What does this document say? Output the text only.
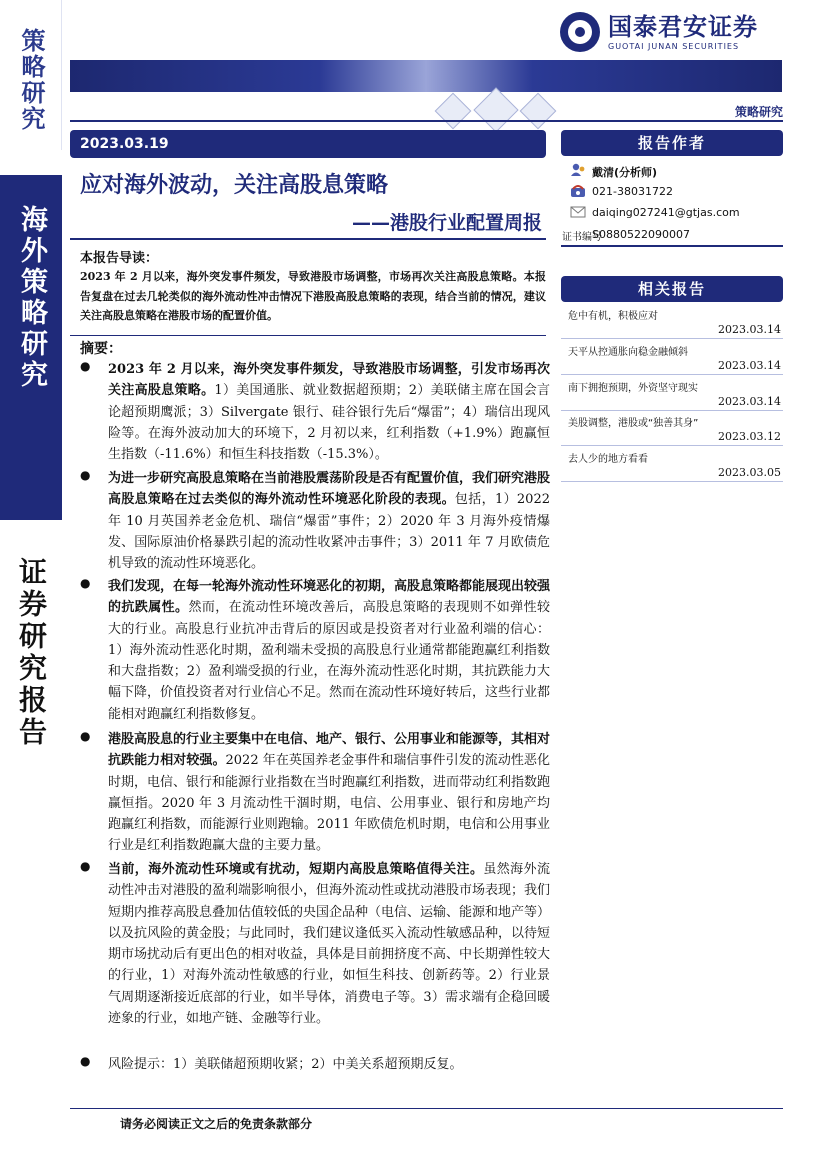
策略研究
海外策略研究
证券研究报告
国泰君安证券
GUOTAI JUNAN SECURITIES
策略研究
2023.03.19
应对海外波动，关注高股息策略
——港股行业配置周报
本报告导读：
2023 年 2 月以来，海外突发事件频发，导致港股市场调整，市场再次关注高股息策略。本报告复盘在过去几轮类似的海外流动性冲击情况下港股高股息策略的表现，结合当前的情况，建议关注高股息策略在港股市场的配置价值。
摘要：
● 2023 年 2 月以来，海外突发事件频发，导致港股市场调整，引发市场再次关注高股息策略。1）美国通胀、就业数据超预期；2）美联储主席在国会言论超预期鹰派；3）Silvergate 银行、硅谷银行先后“爆雷”；4）瑞信出现风险等。在海外波动加大的环境下，2 月初以来，红利指数（+1.9%）跑赢恒生指数（-11.6%）和恒生科技指数（-15.3%）。
● 为进一步研究高股息策略在当前港股震荡阶段是否有配置价值，我们研究港股高股息策略在过去类似的海外流动性环境恶化阶段的表现。包括，1）2022 年 10 月英国养老金危机、瑞信“爆雷”事件；2）2020 年 3 月海外疫情爆发、国际原油价格暴跌引起的流动性收紧冲击事件；3）2011 年 7 月欧债危机导致的流动性环境恶化。
● 我们发现，在每一轮海外流动性环境恶化的初期，高股息策略都能展现出较强的抗跌属性。然而，在流动性环境改善后，高股息策略的表现则不如弹性较大的行业。高股息行业抗冲击背后的原因或是投资者对行业盈利端的信心：1）海外流动性恶化时期，盈利端未受损的高股息行业通常都能跑赢红利指数和大盘指数；2）盈利端受损的行业，在海外流动性恶化时期，其抗跌能力大幅下降，价值投资者对行业信心不足。然而在流动性环境好转后，这些行业都能相对跑赢红利指数修复。
● 港股高股息的行业主要集中在电信、地产、银行、公用事业和能源等，其相对抗跌能力相对较强。2022 年在英国养老金事件和瑞信事件引发的流动性恶化时期，电信、银行和能源行业指数在当时跑赢红利指数，进而带动红利指数跑赢恒指。2020 年 3 月流动性干涸时期，电信、公用事业、银行和房地产均跑赢红利指数，而能源行业则跑输。2011 年欧债危机时期，电信和公用事业行业是红利指数跑赢大盘的主要力量。
● 当前，海外流动性环境或有扰动，短期内高股息策略值得关注。虽然海外流动性冲击对港股的盈利端影响很小，但海外流动性或扰动港股市场表现；我们短期内推荐高股息叠加估值较低的央国企品种（电信、运输、能源和地产等）以及抗风险的黄金股；与此同时，我们建议逢低买入流动性敏感品种，以待短期市场扰动后有更出色的相对收益，具体是目前拥挤度不高、中长期弹性较大的行业，1）对海外流动性敏感的行业，如恒生科技、创新药等。2）行业景气周期逐渐接近底部的行业，如半导体，消费电子等。3）需求端有企稳回暖迹象的行业，如地产链、金融等行业。
● 风险提示：1）美联储超预期收紧；2）中美关系超预期反复。
报告作者
戴清(分析师)
021-38031722
daiqing027241@gtjas.com
证书编号
S0880522090007
相关报告
危中有机，积极应对
2023.03.14
天平从控通胀向稳金融倾斜
2023.03.14
南下拥抱预期，外资坚守现实
2023.03.14
美股调整，港股或“独善其身”
2023.03.12
去人少的地方看看
2023.03.05
请务必阅读正文之后的免责条款部分
